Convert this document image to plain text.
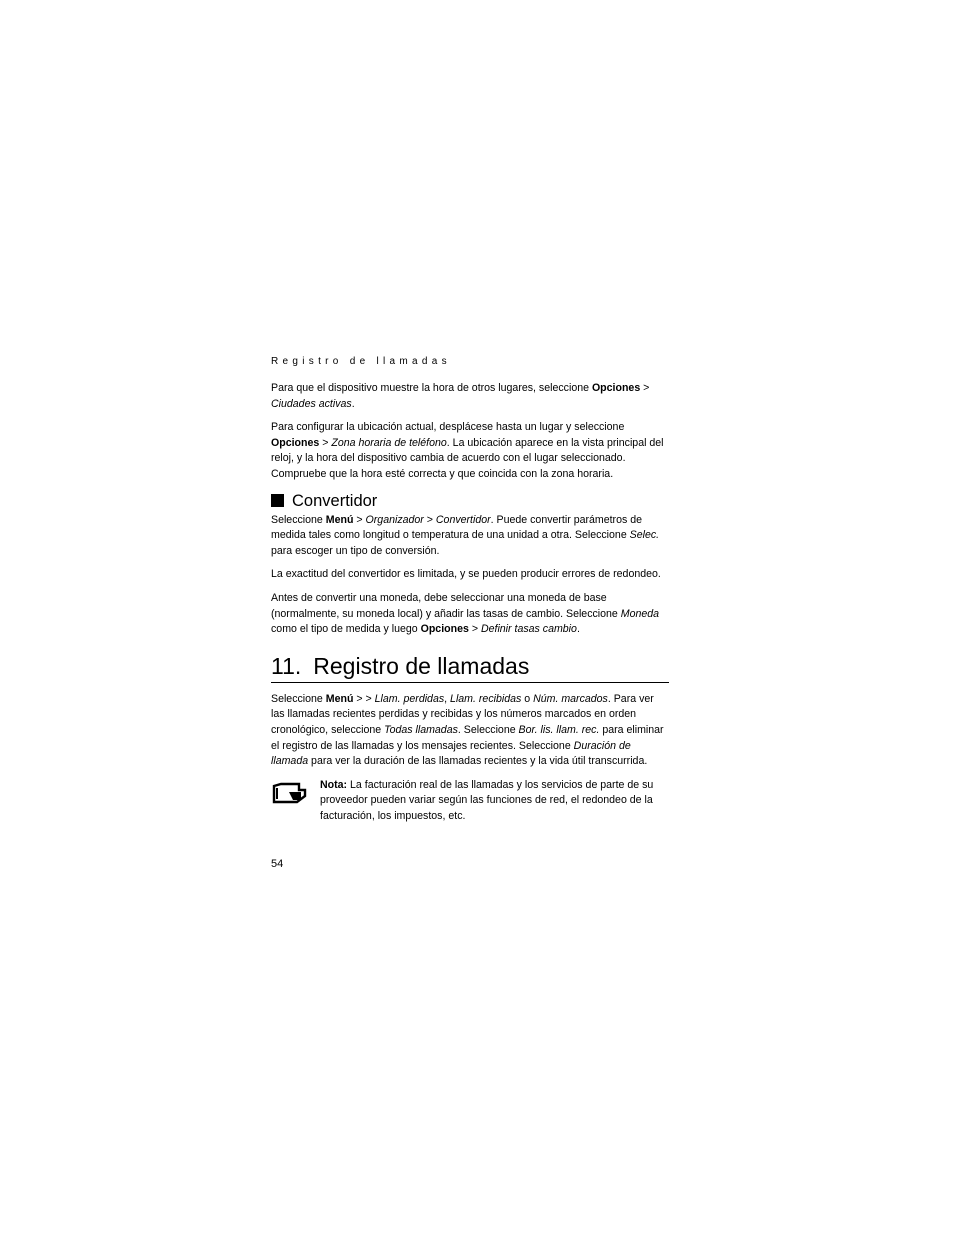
Registro de llamadas

Para que el dispositivo muestre la hora de otros lugares, seleccione Opciones > Ciudades activas.

Para configurar la ubicación actual, desplácese hasta un lugar y seleccione Opciones > Zona horaria de teléfono. La ubicación aparece en la vista principal del reloj, y la hora del dispositivo cambia de acuerdo con el lugar seleccionado. Compruebe que la hora esté correcta y que coincida con la zona horaria.

Convertidor

Seleccione Menú > Organizador > Convertidor. Puede convertir parámetros de medida tales como longitud o temperatura de una unidad a otra. Seleccione Selec. para escoger un tipo de conversión.

La exactitud del convertidor es limitada, y se pueden producir errores de redondeo.

Antes de convertir una moneda, debe seleccionar una moneda de base (normalmente, su moneda local) y añadir las tasas de cambio. Seleccione Moneda como el tipo de medida y luego Opciones > Definir tasas cambio.

11. Registro de llamadas

Seleccione Menú > > Llam. perdidas, Llam. recibidas o Núm. marcados. Para ver las llamadas recientes perdidas y recibidas y los números marcados en orden cronológico, seleccione Todas llamadas. Seleccione Bor. lis. llam. rec. para eliminar el registro de las llamadas y los mensajes recientes. Seleccione Duración de llamada para ver la duración de las llamadas recientes y la vida útil transcurrida.

Nota: La facturación real de las llamadas y los servicios de parte de su proveedor pueden variar según las funciones de red, el redondeo de la facturación, los impuestos, etc.

54
